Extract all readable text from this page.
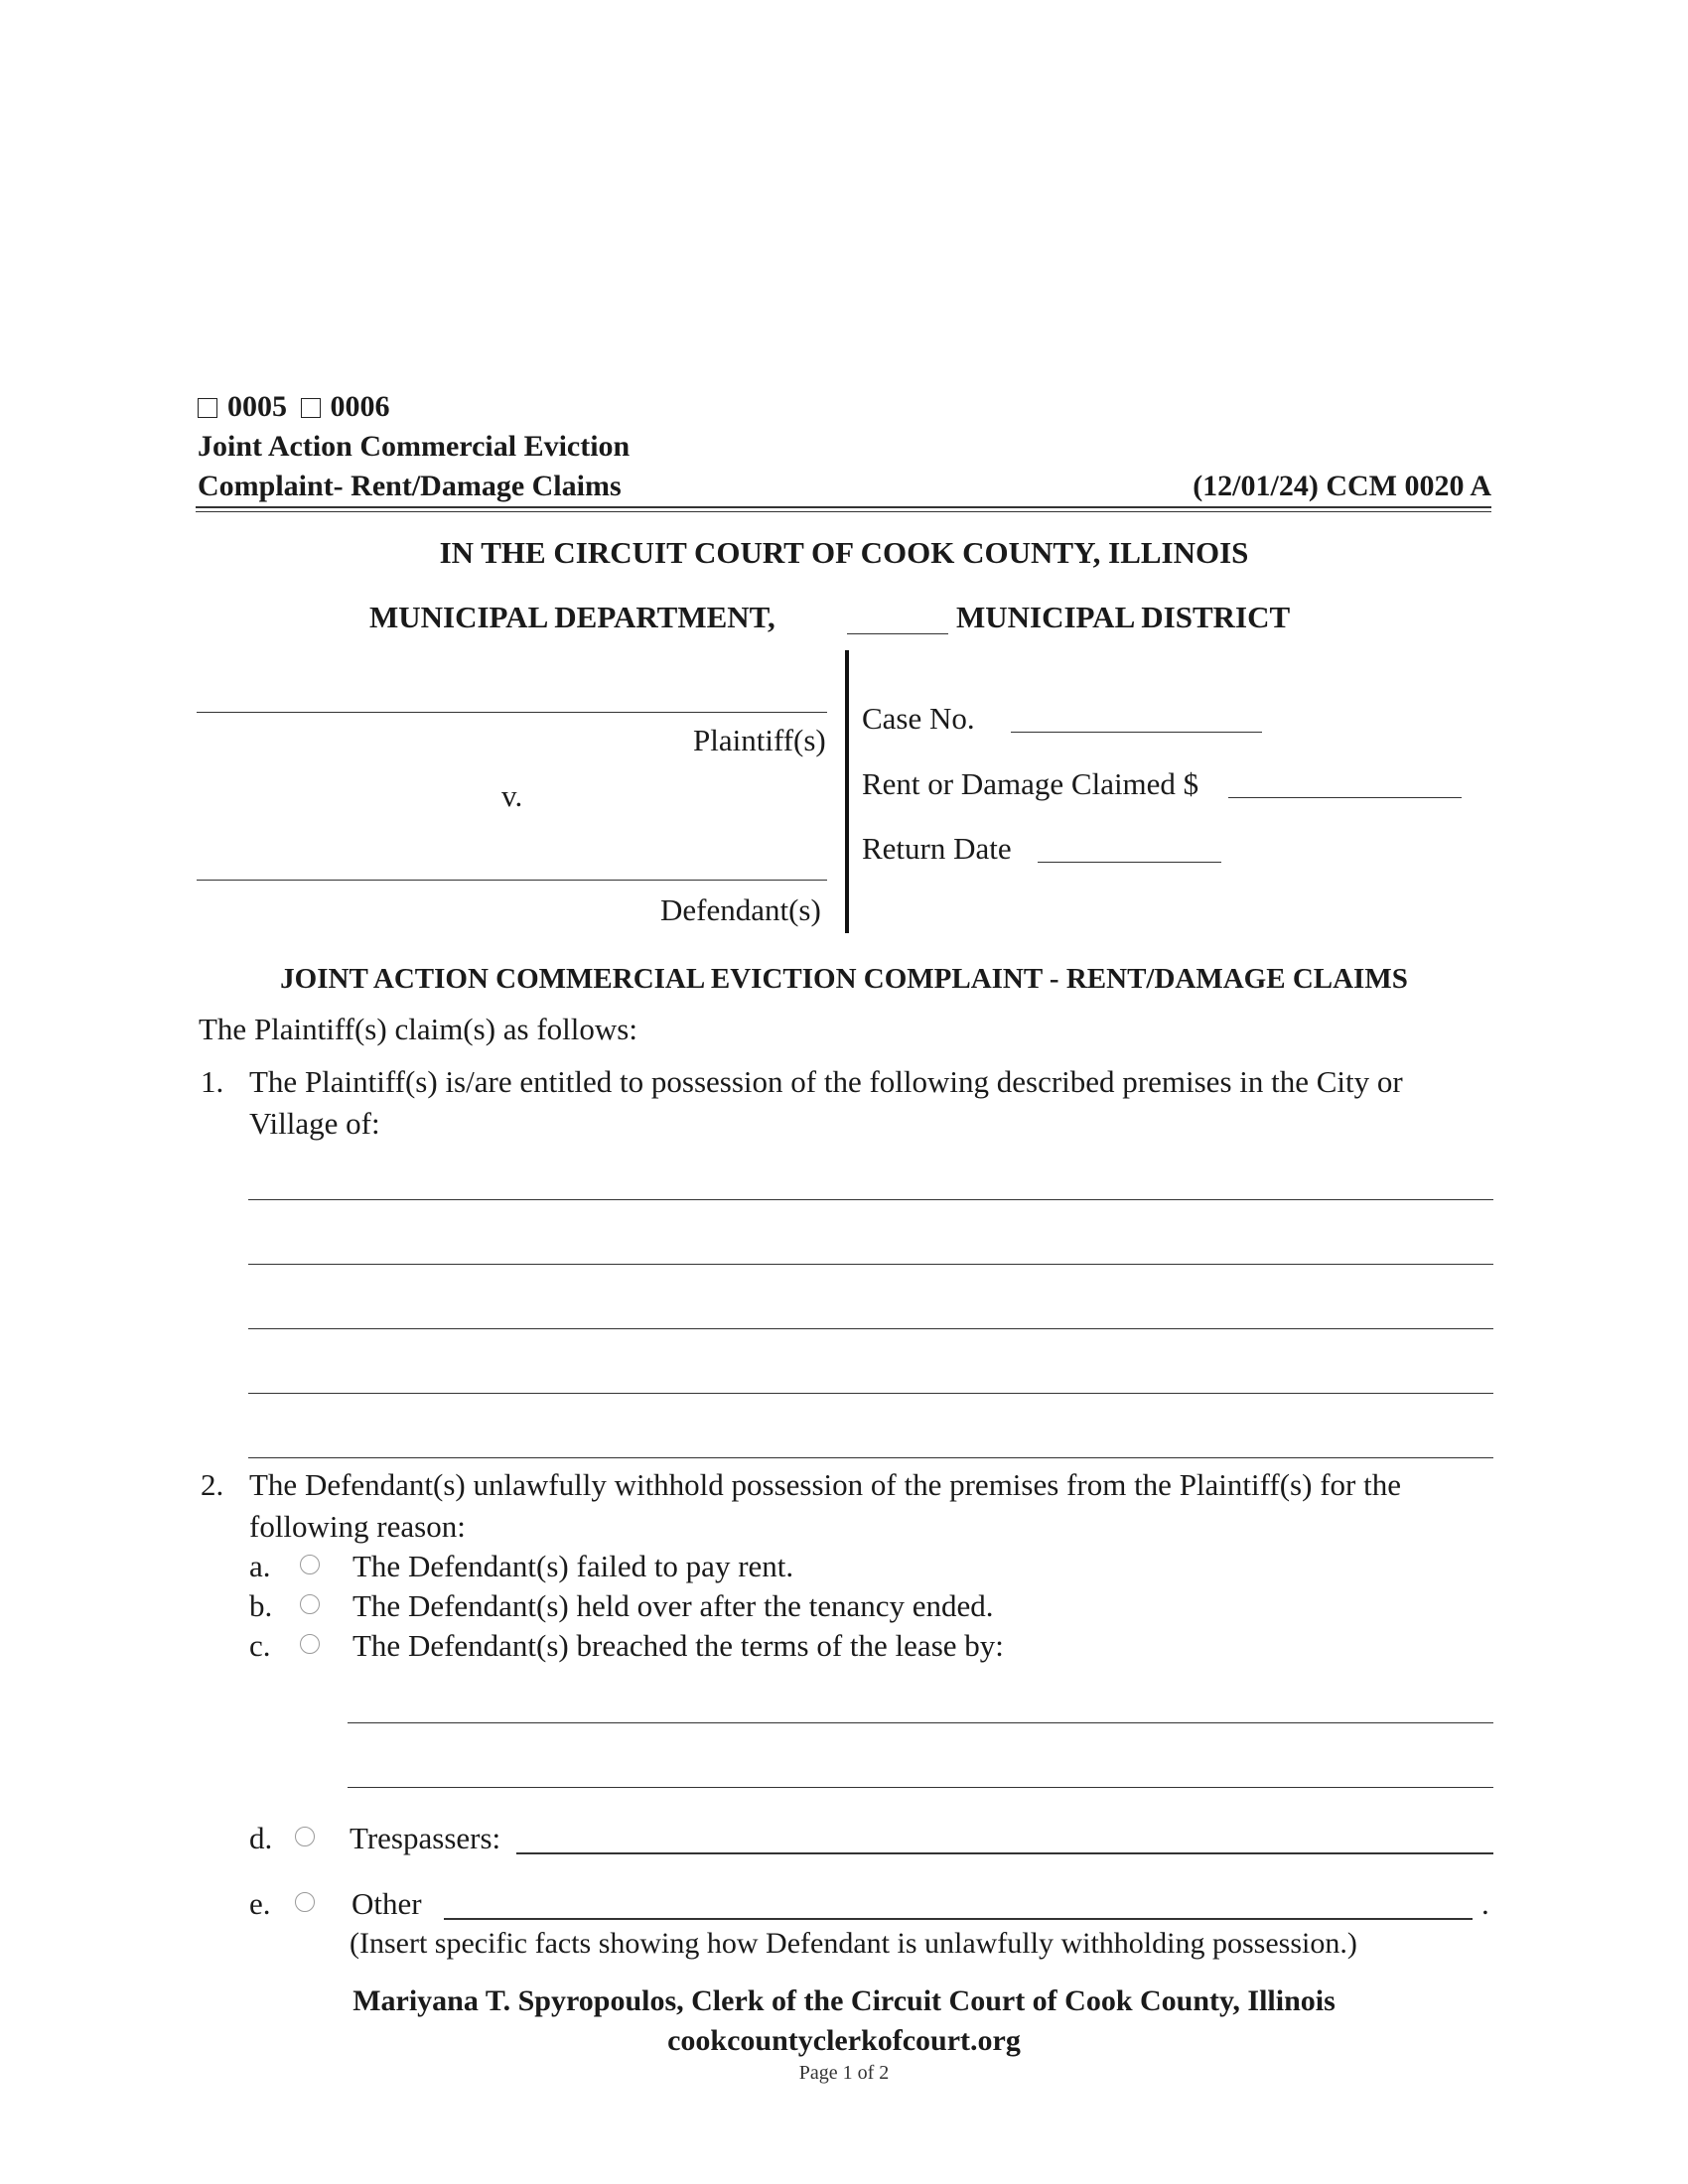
0005 0006
Joint Action Commercial Eviction
Complaint- Rent/Damage Claims	(12/01/24) CCM 0020 A
IN THE CIRCUIT COURT OF COOK COUNTY, ILLINOIS
MUNICIPAL DEPARTMENT,	MUNICIPAL DISTRICT
Plaintiff(s)
v.
Defendant(s)
Case No.
Rent or Damage Claimed $
Return Date
JOINT ACTION COMMERCIAL EVICTION COMPLAINT - RENT/DAMAGE CLAIMS
The Plaintiff(s) claim(s) as follows:
1. The Plaintiff(s) is/are entitled to possession of the following described premises in the City or
Village of:
2. The Defendant(s) unlawfully withhold possession of the premises from the Plaintiff(s) for the
following reason:
a.	The Defendant(s) failed to pay rent.
b.	The Defendant(s) held over after the tenancy ended.
c.	The Defendant(s) breached the terms of the lease by:
d.	Trespassers:
e.	Other	.
(Insert specific facts showing how Defendant is unlawfully withholding possession.)
Mariyana T. Spyropoulos, Clerk of the Circuit Court of Cook County, Illinois
cookcountyclerkofcourt.org
Page 1 of 2
